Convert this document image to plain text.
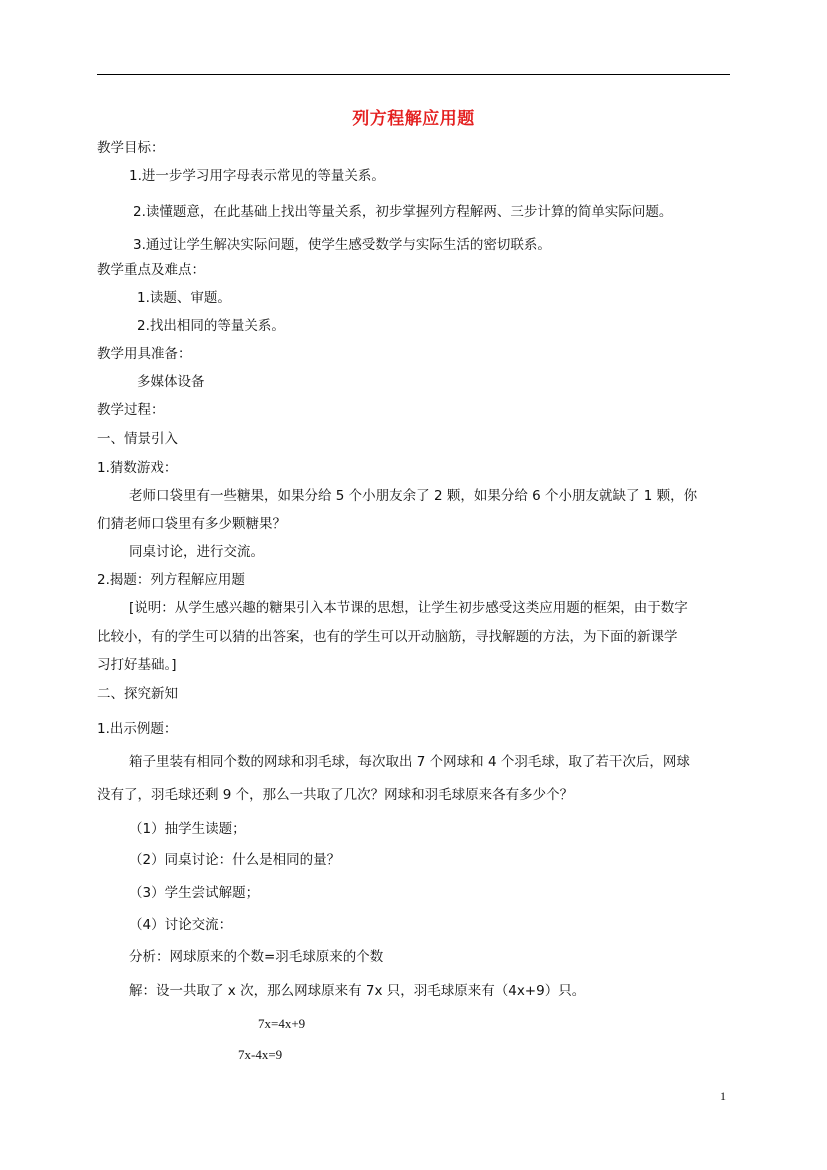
列方程解应用题
教学目标：
1.进一步学习用字母表示常见的等量关系。
2.读懂题意，在此基础上找出等量关系，初步掌握列方程解两、三步计算的简单实际问题。
3.通过让学生解决实际问题，使学生感受数学与实际生活的密切联系。
教学重点及难点：
1.读题、审题。
2.找出相同的等量关系。
教学用具准备：
多媒体设备
教学过程：
一、情景引入
1.猜数游戏：
老师口袋里有一些糖果，如果分给 5 个小朋友余了 2 颗，如果分给 6 个小朋友就缺了 1 颗，你
们猜老师口袋里有多少颗糖果？
同桌讨论，进行交流。
2.揭题：列方程解应用题
[说明：从学生感兴趣的糖果引入本节课的思想，让学生初步感受这类应用题的框架，由于数字
比较小，有的学生可以猜的出答案，也有的学生可以开动脑筋，寻找解题的方法，为下面的新课学
习打好基础。]
二、探究新知
1.出示例题：
箱子里装有相同个数的网球和羽毛球，每次取出 7 个网球和 4 个羽毛球，取了若干次后，网球
没有了，羽毛球还剩 9 个，那么一共取了几次？网球和羽毛球原来各有多少个？
（1）抽学生读题；
（2）同桌讨论：什么是相同的量？
（3）学生尝试解题；
（4）讨论交流：
分析：网球原来的个数=羽毛球原来的个数
解：设一共取了 x 次，那么网球原来有 7x 只，羽毛球原来有（4x+9）只。
7x=4x+9
7x-4x=9
1
